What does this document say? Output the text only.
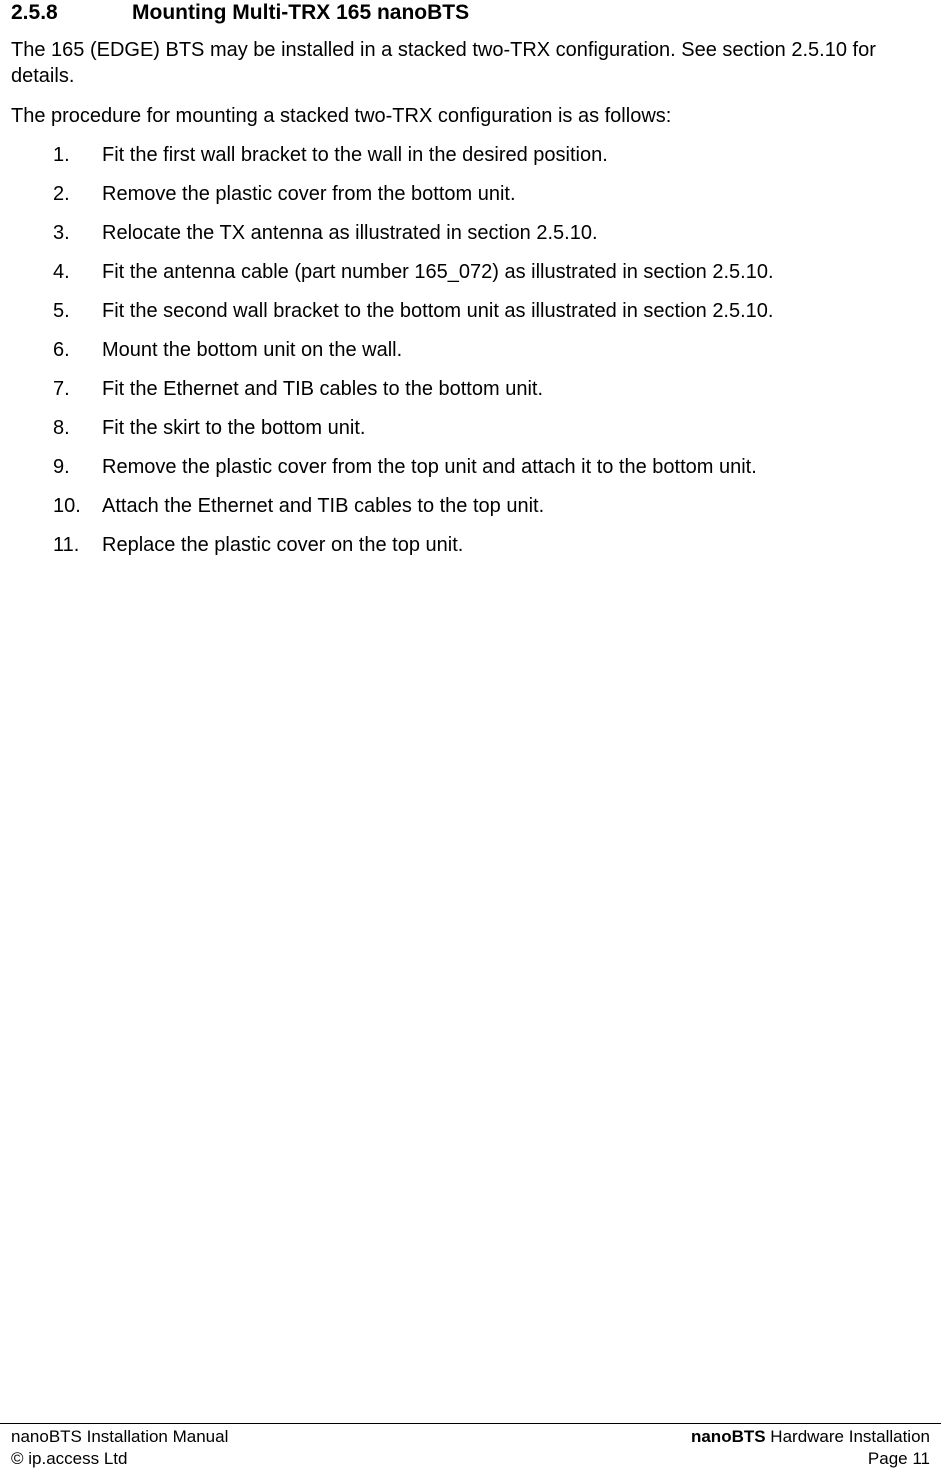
2.5.8	Mounting Multi-TRX 165 nanoBTS
The 165 (EDGE) BTS may be installed in a stacked two-TRX configuration. See section 2.5.10 for details.
The procedure for mounting a stacked two-TRX configuration is as follows:
1. Fit the first wall bracket to the wall in the desired position.
2. Remove the plastic cover from the bottom unit.
3. Relocate the TX antenna as illustrated in section 2.5.10.
4. Fit the antenna cable (part number 165_072) as illustrated in section 2.5.10.
5. Fit the second wall bracket to the bottom unit as illustrated in section 2.5.10.
6. Mount the bottom unit on the wall.
7. Fit the Ethernet and TIB cables to the bottom unit.
8. Fit the skirt to the bottom unit.
9. Remove the plastic cover from the top unit and attach it to the bottom unit.
10. Attach the Ethernet and TIB cables to the top unit.
11. Replace the plastic cover on the top unit.
nanoBTS Installation Manual
© ip.access Ltd
nanoBTS Hardware Installation
Page 11
